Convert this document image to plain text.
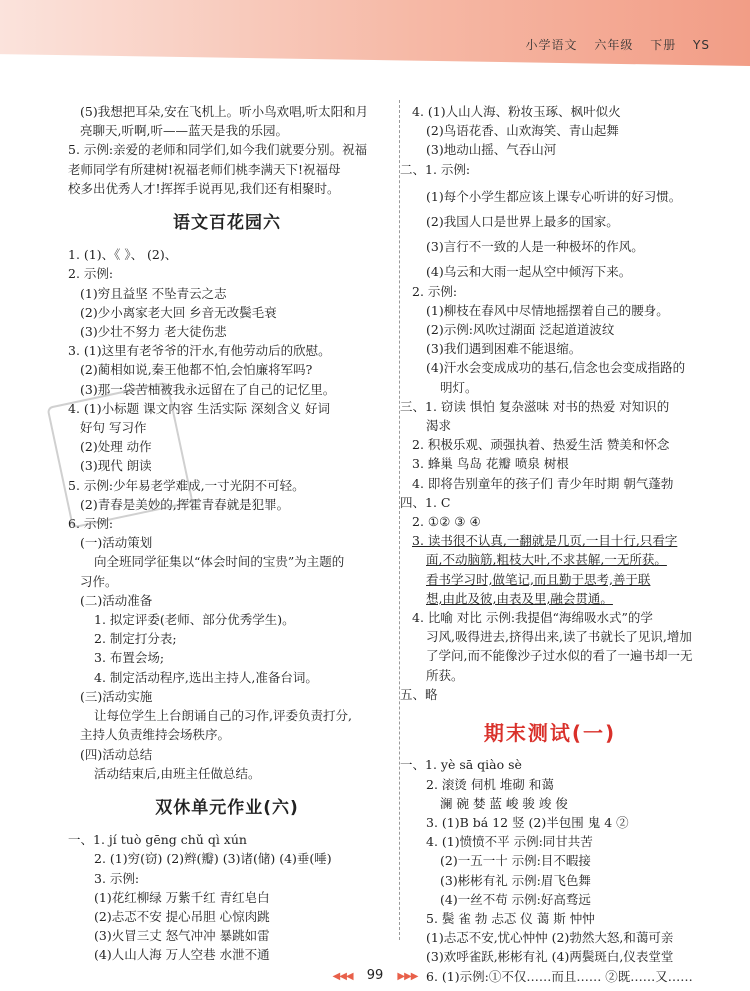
小学语文 六年级 下册 YS

(5)我想把耳朵,安在飞机上。听小鸟欢唱,听太阳和月

亮聊天,听啊,听——蓝天是我的乐园。

5. 示例:亲爱的老师和同学们,如今我们就要分别。祝福

老师同学有所建树!祝福老师们桃李满天下!祝福母

校多出优秀人才!挥挥手说再见,我们还有相聚时。

语文百花园六

1. (1)、《 》、 (2)、

2. 示例:

(1)穷且益坚 不坠青云之志

(2)少小离家老大回 乡音无改鬓毛衰

(3)少壮不努力 老大徒伤悲

3. (1)这里有老爷爷的汗水,有他劳动后的欣慰。

(2)蔺相如说,秦王他都不怕,会怕廉将军吗?

(3)那一袋苦柚被我永远留在了自己的记忆里。

4. (1)小标题 课文内容 生活实际 深刻含义 好词

好句 写习作

(2)处理 动作

(3)现代 朗读

5. 示例:少年易老学难成,一寸光阴不可轻。

(2)青春是美妙的,挥霍青春就是犯罪。

6. 示例:

(一)活动策划

向全班同学征集以“体会时间的宝贵”为主题的

习作。

(二)活动准备

1. 拟定评委(老师、部分优秀学生)。

2. 制定打分表;

3. 布置会场;

4. 制定活动程序,选出主持人,准备台词。

(三)活动实施

让每位学生上台朗诵自己的习作,评委负责打分,

主持人负责维持会场秩序。

(四)活动总结

活动结束后,由班主任做总结。

双休单元作业(六)

一、1. jí tuò gēng chǔ qì xún

2. (1)穷(窃) (2)辫(瓣) (3)诸(储) (4)垂(唾)

3. 示例:

(1)花红柳绿 万紫千红 青红皂白

(2)忐忑不安 提心吊胆 心惊肉跳

(3)火冒三丈 怒气冲冲 暴跳如雷

(4)人山人海 万人空巷 水泄不通

4. (1)人山人海、粉妆玉琢、枫叶似火

(2)鸟语花香、山欢海笑、青山起舞

(3)地动山摇、气吞山河

二、1. 示例:

(1)每个小学生都应该上课专心听讲的好习惯。

(2)我国人口是世界上最多的国家。

(3)言行不一致的人是一种极坏的作风。

(4)乌云和大雨一起从空中倾泻下来。

2. 示例:

(1)柳枝在春风中尽情地摇摆着自己的腰身。

(2)示例:风吹过湖面 泛起道道波纹

(3)我们遇到困难不能退缩。

(4)汗水会变成成功的基石,信念也会变成指路的

明灯。

三、1. 窃读 惧怕 复杂滋味 对书的热爱 对知识的

渴求

2. 积极乐观、顽强执着、热爱生活 赞美和怀念

3. 蜂巢 鸟岛 花瓣 喷泉 树根

4. 即将告别童年的孩子们 青少年时期 朝气蓬勃

四、1. C

2. ①② ③ ④

3. 读书很不认真,一翻就是几页,一目十行,只看字

面,不动脑筋,粗枝大叶,不求甚解,一无所获。

看书学习时,做笔记,而且勤于思考,善于联

想,由此及彼,由表及里,融会贯通。

4. 比喻 对比 示例:我提倡“海绵吸水式”的学

习风,吸得进去,挤得出来,读了书就长了见识,增加

了学问,而不能像沙子过水似的看了一遍书却一无

所获。

五、略

期末测试(一)

一、1. yè sā qiào sè

2. 滚烫 伺机 堆砌 和蔼

澜 碗 婪 蓝 峻 骏 竣 俊

3. (1)B bá 12 竖 (2)半包围 鬼 4 ②

4. (1)愤愤不平 示例:同甘共苦

(2)一五一十 示例:目不暇接

(3)彬彬有礼 示例:眉飞色舞

(4)一丝不苟 示例:好高骛远

5. 鬓 雀 勃 忐忑 仪 蔼 斯 忡忡

(1)忐忑不安,忧心忡忡 (2)勃然大怒,和蔼可亲

(3)欢呼雀跃,彬彬有礼 (4)两鬓斑白,仪表堂堂

6. (1)示例:①不仅……而且…… ②既……又……

◀◀◀ 99 ▶▶▶
